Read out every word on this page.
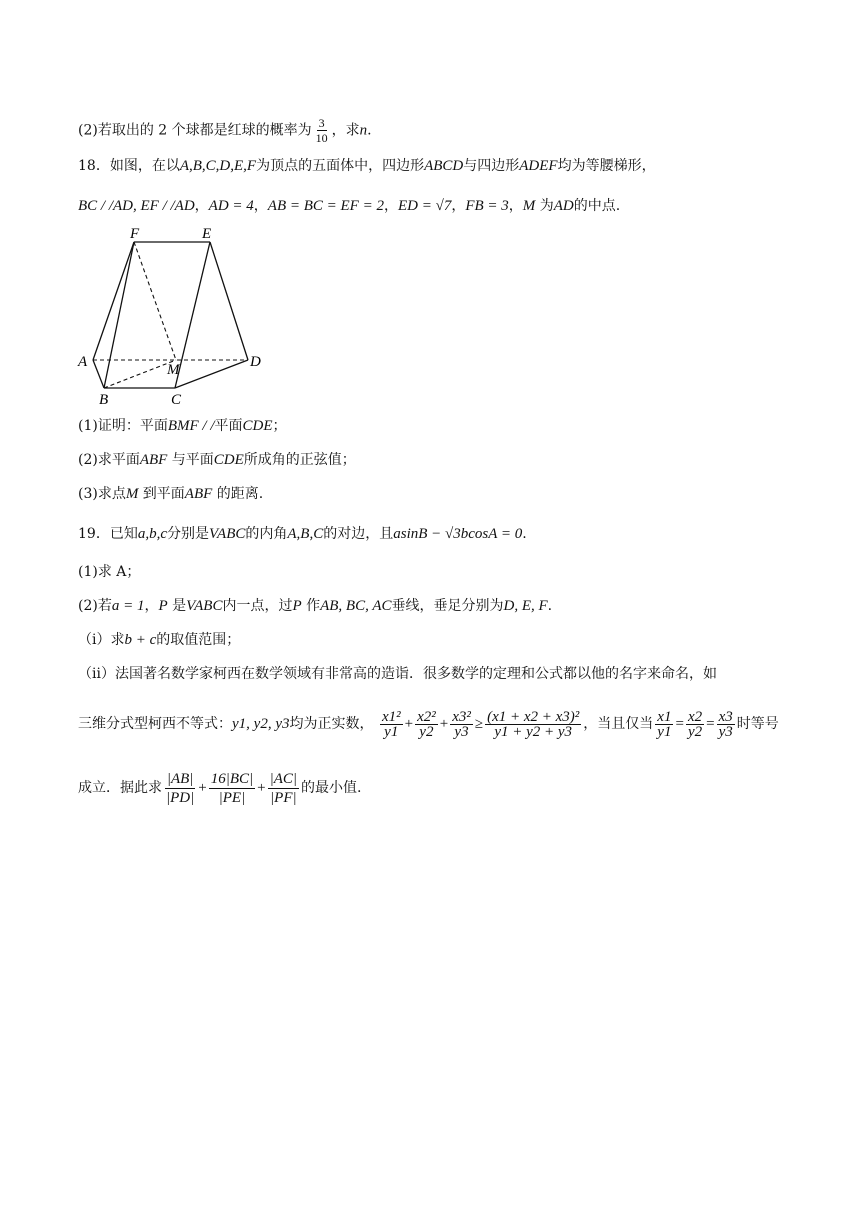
(2)若取出的 2 个球都是红球的概率为 $\frac{3}{10}$ ，求n.
18．如图，在以A,B,C,D,E,F为顶点的五面体中，四边形ABCD与四边形ADEF均为等腰梯形，
BC / /AD, EF / /AD，AD = 4，AB = BC = EF = 2，ED = √7，FB = 3，M 为AD的中点.
F	E
A	M	D
B	C
(1)证明：平面BMF / /平面CDE；
(2)求平面ABF 与平面CDE所成角的正弦值；
(3)求点M 到平面ABF 的距离.
19．已知a,b,c分别是VABC的内角A,B,C的对边，且asinB − √3bcosA = 0.
(1)求 A；
(2)若a = 1，P 是VABC内一点，过P 作AB, BC, AC垂线，垂足分别为D, E, F.
（ⅰ）求b + c的取值范围；
（ⅱ）法国著名数学家柯西在数学领域有非常高的造诣．很多数学的定理和公式都以他的名字来命名，如
三维分式型柯西不等式：y1, y2, y3均为正实数， $\frac{\text{x1²}}{y1} + \frac{\text{x2²}}{y2} + \frac{\text{x3²}}{y3} \ge \frac{\text{(x1 + x2 + x3)²}}{y1 + y2 + y3}$ ，当且仅当 $\frac{x1}{y1} = \frac{x2}{y2} = \frac{x3}{y3}$ 时等号
成立．据此求 $\frac{|AB|}{|PD|} + \frac{16|BC|}{|PE|} + \frac{|AC|}{|PF|}$ 的最小值.
